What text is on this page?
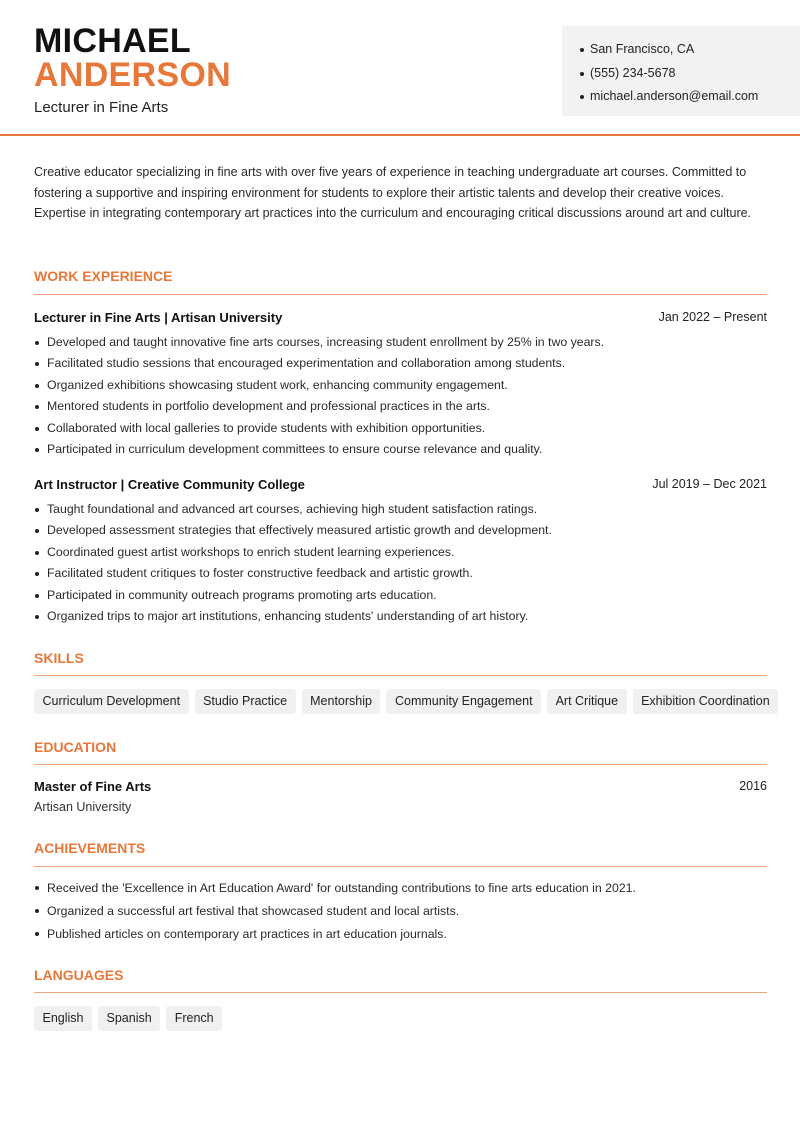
MICHAEL
ANDERSON
Lecturer in Fine Arts
San Francisco, CA
(555) 234-5678
michael.anderson@email.com

Creative educator specializing in fine arts with over five years of experience in teaching undergraduate art courses. Committed to fostering a supportive and inspiring environment for students to explore their artistic talents and develop their creative voices. Expertise in integrating contemporary art practices into the curriculum and encouraging critical discussions around art and culture.

WORK EXPERIENCE
Lecturer in Fine Arts | Artisan University	Jan 2022 – Present
Developed and taught innovative fine arts courses, increasing student enrollment by 25% in two years.
Facilitated studio sessions that encouraged experimentation and collaboration among students.
Organized exhibitions showcasing student work, enhancing community engagement.
Mentored students in portfolio development and professional practices in the arts.
Collaborated with local galleries to provide students with exhibition opportunities.
Participated in curriculum development committees to ensure course relevance and quality.
Art Instructor | Creative Community College	Jul 2019 – Dec 2021
Taught foundational and advanced art courses, achieving high student satisfaction ratings.
Developed assessment strategies that effectively measured artistic growth and development.
Coordinated guest artist workshops to enrich student learning experiences.
Facilitated student critiques to foster constructive feedback and artistic growth.
Participated in community outreach programs promoting arts education.
Organized trips to major art institutions, enhancing students' understanding of art history.
SKILLS
Curriculum Development	Studio Practice	Mentorship	Community Engagement	Art Critique	Exhibition Coordination
EDUCATION
Master of Fine Arts	2016
Artisan University
ACHIEVEMENTS
Received the 'Excellence in Art Education Award' for outstanding contributions to fine arts education in 2021.
Organized a successful art festival that showcased student and local artists.
Published articles on contemporary art practices in art education journals.
LANGUAGES
English	Spanish	French
